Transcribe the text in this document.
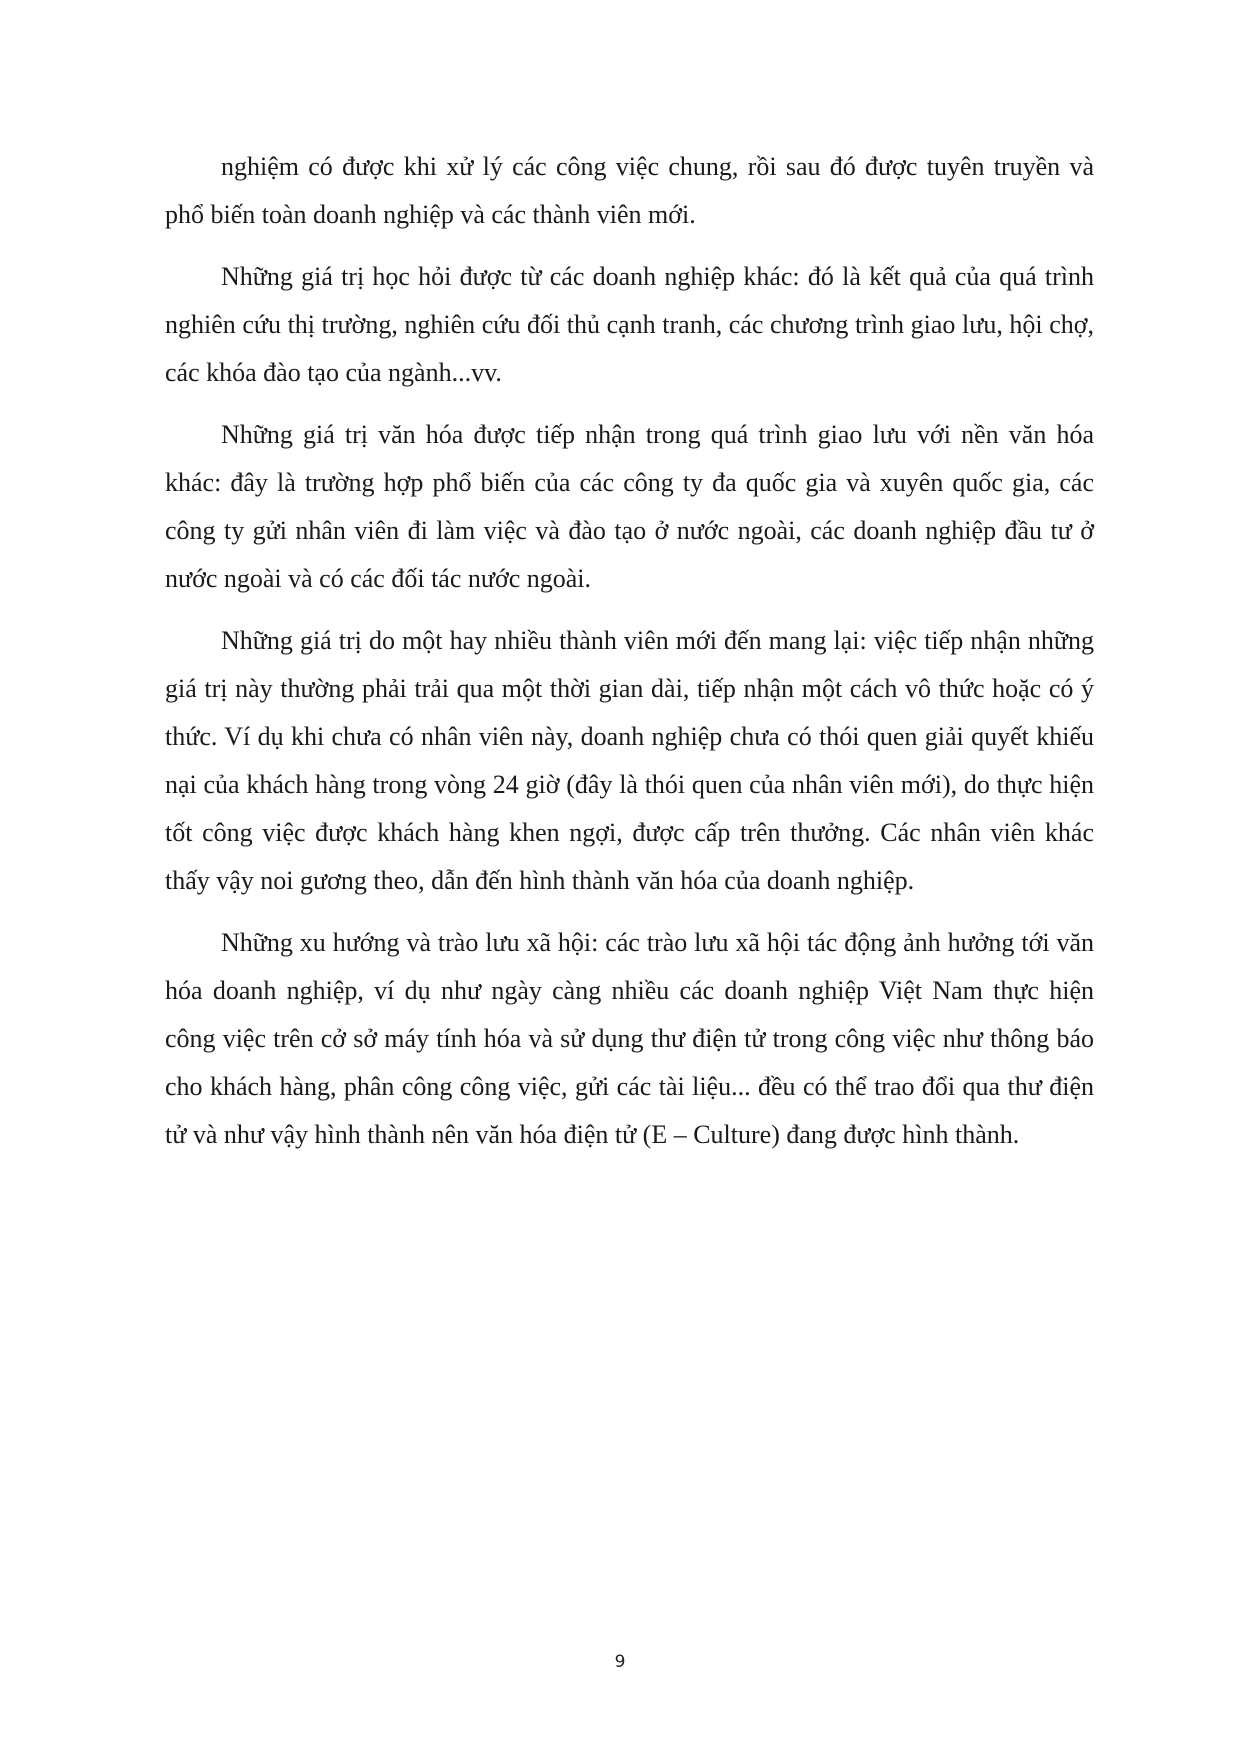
nghiệm có được khi xử lý các công việc chung, rồi sau đó được tuyên truyền và phổ biến toàn doanh nghiệp và các thành viên mới.

Những giá trị học hỏi được từ các doanh nghiệp khác: đó là kết quả của quá trình nghiên cứu thị trường, nghiên cứu đối thủ cạnh tranh, các chương trình giao lưu, hội chợ, các khóa đào tạo của ngành...vv.

Những giá trị văn hóa được tiếp nhận trong quá trình giao lưu với nền văn hóa khác: đây là trường hợp phổ biến của các công ty đa quốc gia và xuyên quốc gia, các công ty gửi nhân viên đi làm việc và đào tạo ở nước ngoài, các doanh nghiệp đầu tư ở nước ngoài và có các đối tác nước ngoài.

Những giá trị do một hay nhiều thành viên mới đến mang lại: việc tiếp nhận những giá trị này thường phải trải qua một thời gian dài, tiếp nhận một cách vô thức hoặc có ý thức. Ví dụ khi chưa có nhân viên này, doanh nghiệp chưa có thói quen giải quyết khiếu nại của khách hàng trong vòng 24 giờ (đây là thói quen của nhân viên mới), do thực hiện tốt công việc được khách hàng khen ngợi, được cấp trên thưởng. Các nhân viên khác thấy vậy noi gương theo, dẫn đến hình thành văn hóa của doanh nghiệp.

Những xu hướng và trào lưu xã hội: các trào lưu xã hội tác động ảnh hưởng tới văn hóa doanh nghiệp, ví dụ như ngày càng nhiều các doanh nghiệp Việt Nam thực hiện công việc trên cở sở máy tính hóa và sử dụng thư điện tử trong công việc như thông báo cho khách hàng, phân công công việc, gửi các tài liệu... đều có thể trao đổi qua thư điện tử và như vậy hình thành nên văn hóa điện tử (E – Culture) đang được hình thành.

9
